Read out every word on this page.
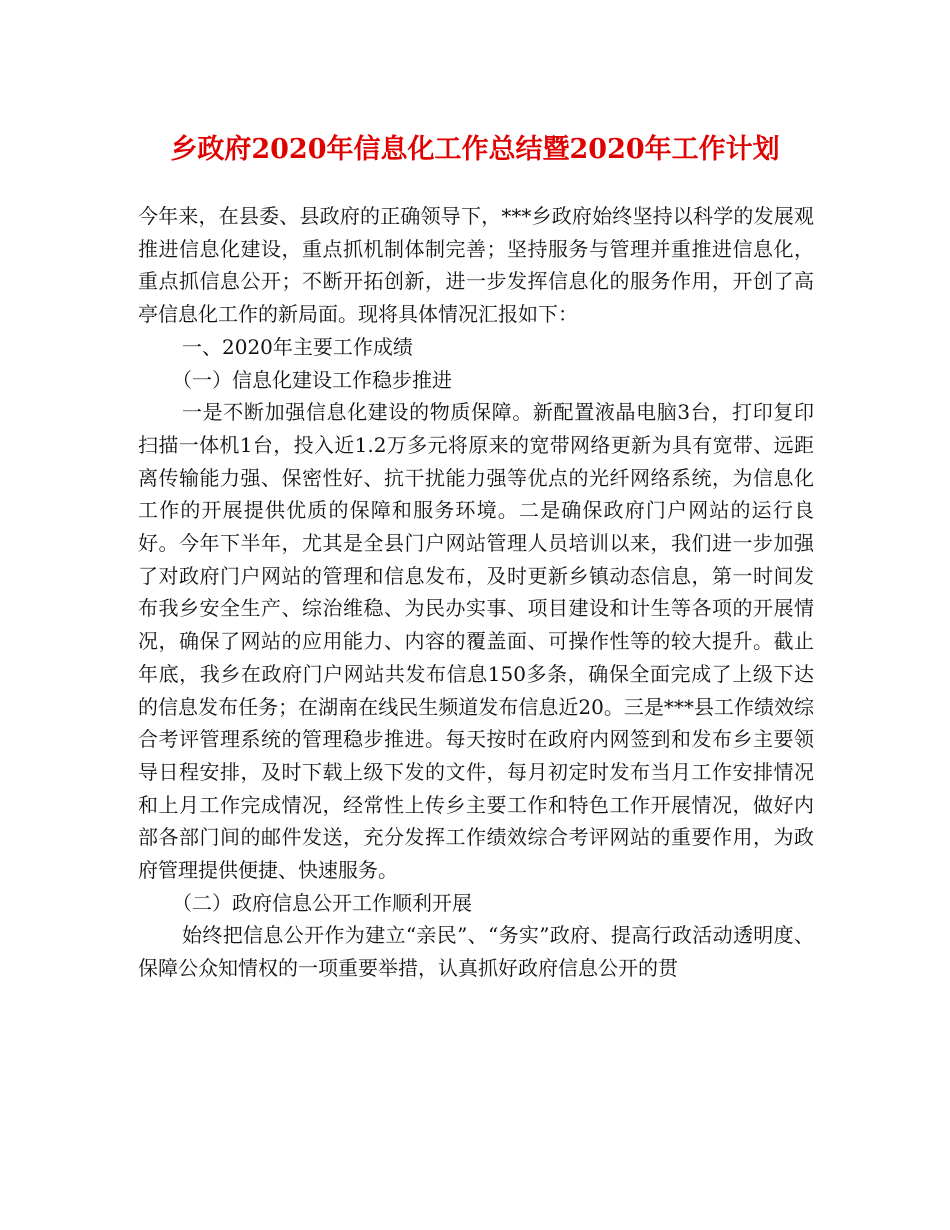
乡政府2020年信息化工作总结暨2020年工作计划

今年来，在县委、县政府的正确领导下，***乡政府始终坚持以科学的发展观推进信息化建设，重点抓机制体制完善；坚持服务与管理并重推进信息化，重点抓信息公开；不断开拓创新，进一步发挥信息化的服务作用，开创了高亭信息化工作的新局面。现将具体情况汇报如下：

一、2020年主要工作成绩

（一）信息化建设工作稳步推进

一是不断加强信息化建设的物质保障。新配置液晶电脑3台，打印复印扫描一体机1台，投入近1.2万多元将原来的宽带网络更新为具有宽带、远距离传输能力强、保密性好、抗干扰能力强等优点的光纤网络系统，为信息化工作的开展提供优质的保障和服务环境。二是确保政府门户网站的运行良好。今年下半年，尤其是全县门户网站管理人员培训以来，我们进一步加强了对政府门户网站的管理和信息发布，及时更新乡镇动态信息，第一时间发布我乡安全生产、综治维稳、为民办实事、项目建设和计生等各项的开展情况，确保了网站的应用能力、内容的覆盖面、可操作性等的较大提升。截止年底，我乡在政府门户网站共发布信息150多条，确保全面完成了上级下达的信息发布任务；在湖南在线民生频道发布信息近20。三是***县工作绩效综合考评管理系统的管理稳步推进。每天按时在政府内网签到和发布乡主要领导日程安排，及时下载上级下发的文件，每月初定时发布当月工作安排情况和上月工作完成情况，经常性上传乡主要工作和特色工作开展情况，做好内部各部门间的邮件发送，充分发挥工作绩效综合考评网站的重要作用，为政府管理提供便捷、快速服务。

（二）政府信息公开工作顺利开展

始终把信息公开作为建立“亲民”、“务实”政府、提高行政活动透明度、保障公众知情权的一项重要举措，认真抓好政府信息公开的贯
